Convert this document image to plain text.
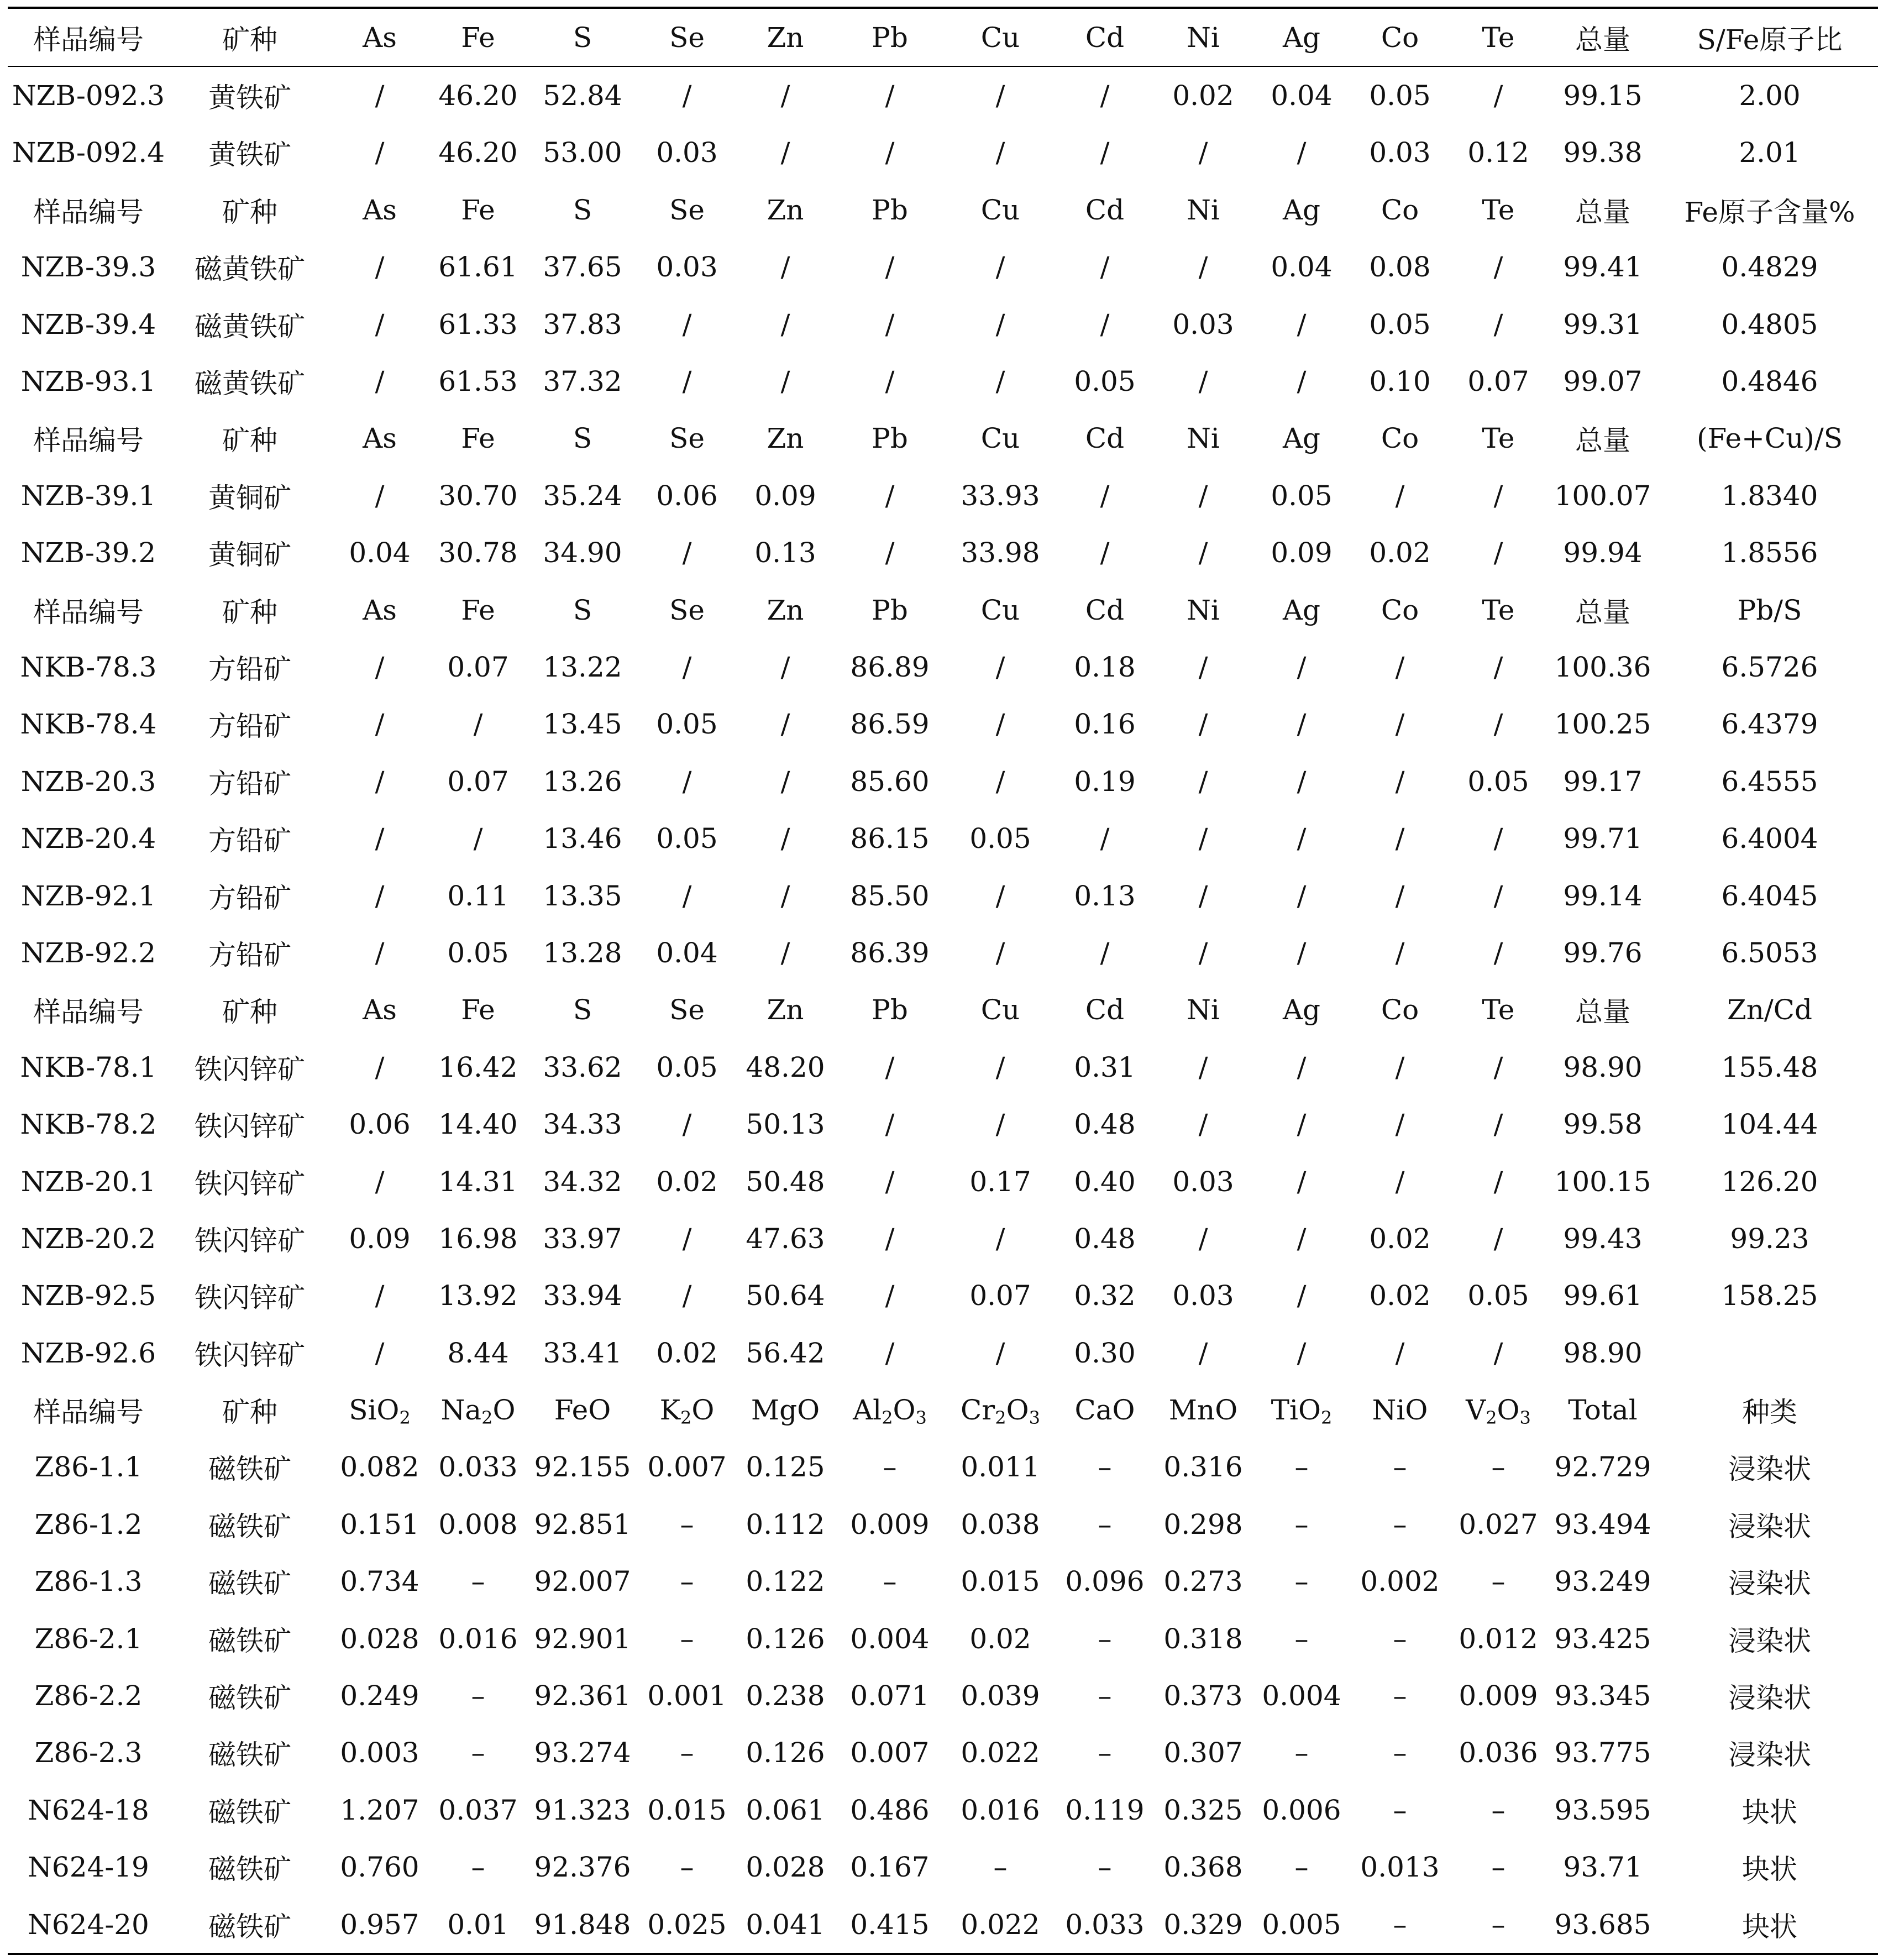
样品编号	矿种	As	Fe	S	Se	Zn	Pb	Cu	Cd	Ni	Ag	Co	Te	总量	S/Fe原子比
NZB-092.3	黄铁矿	/	46.20	52.84	/	/	/	/	/	0.02	0.04	0.05	/	99.15	2.00
NZB-092.4	黄铁矿	/	46.20	53.00	0.03	/	/	/	/	/	/	0.03	0.12	99.38	2.01
样品编号	矿种	As	Fe	S	Se	Zn	Pb	Cu	Cd	Ni	Ag	Co	Te	总量	Fe原子含量%
NZB-39.3	磁黄铁矿	/	61.61	37.65	0.03	/	/	/	/	/	0.04	0.08	/	99.41	0.4829
NZB-39.4	磁黄铁矿	/	61.33	37.83	/	/	/	/	/	0.03	/	0.05	/	99.31	0.4805
NZB-93.1	磁黄铁矿	/	61.53	37.32	/	/	/	/	0.05	/	/	0.10	0.07	99.07	0.4846
样品编号	矿种	As	Fe	S	Se	Zn	Pb	Cu	Cd	Ni	Ag	Co	Te	总量	(Fe+Cu)/S
NZB-39.1	黄铜矿	/	30.70	35.24	0.06	0.09	/	33.93	/	/	0.05	/	/	100.07	1.8340
NZB-39.2	黄铜矿	0.04	30.78	34.90	/	0.13	/	33.98	/	/	0.09	0.02	/	99.94	1.8556
样品编号	矿种	As	Fe	S	Se	Zn	Pb	Cu	Cd	Ni	Ag	Co	Te	总量	Pb/S
NKB-78.3	方铅矿	/	0.07	13.22	/	/	86.89	/	0.18	/	/	/	/	100.36	6.5726
NKB-78.4	方铅矿	/	/	13.45	0.05	/	86.59	/	0.16	/	/	/	/	100.25	6.4379
NZB-20.3	方铅矿	/	0.07	13.26	/	/	85.60	/	0.19	/	/	/	0.05	99.17	6.4555
NZB-20.4	方铅矿	/	/	13.46	0.05	/	86.15	0.05	/	/	/	/	/	99.71	6.4004
NZB-92.1	方铅矿	/	0.11	13.35	/	/	85.50	/	0.13	/	/	/	/	99.14	6.4045
NZB-92.2	方铅矿	/	0.05	13.28	0.04	/	86.39	/	/	/	/	/	/	99.76	6.5053
样品编号	矿种	As	Fe	S	Se	Zn	Pb	Cu	Cd	Ni	Ag	Co	Te	总量	Zn/Cd
NKB-78.1	铁闪锌矿	/	16.42	33.62	0.05	48.20	/	/	0.31	/	/	/	/	98.90	155.48
NKB-78.2	铁闪锌矿	0.06	14.40	34.33	/	50.13	/	/	0.48	/	/	/	/	99.58	104.44
NZB-20.1	铁闪锌矿	/	14.31	34.32	0.02	50.48	/	0.17	0.40	0.03	/	/	/	100.15	126.20
NZB-20.2	铁闪锌矿	0.09	16.98	33.97	/	47.63	/	/	0.48	/	/	0.02	/	99.43	99.23
NZB-92.5	铁闪锌矿	/	13.92	33.94	/	50.64	/	0.07	0.32	0.03	/	0.02	0.05	99.61	158.25
NZB-92.6	铁闪锌矿	/	8.44	33.41	0.02	56.42	/	/	0.30	/	/	/	/	98.90	
样品编号	矿种	SiO$_2$	$Na_2O$	FeO	$K_2O$	MgO	$Al_2O_3$	$Cr_2O_3$	CaO	MnO	TiO$_2$	NiO	$V_2O_3$	Total	种类
Z86-1.1	磁铁矿	0.082	0.033	92.155	0.007	0.125	–	0.011	–	0.316	–	–	–	92.729	浸染状
Z86-1.2	磁铁矿	0.151	0.008	92.851	–	0.112	0.009	0.038	–	0.298	–	–	0.027	93.494	浸染状
Z86-1.3	磁铁矿	0.734	–	92.007	–	0.122	–	0.015	0.096	0.273	–	0.002	–	93.249	浸染状
Z86-2.1	磁铁矿	0.028	0.016	92.901	–	0.126	0.004	0.02	–	0.318	–	–	0.012	93.425	浸染状
Z86-2.2	磁铁矿	0.249	–	92.361	0.001	0.238	0.071	0.039	–	0.373	0.004	–	0.009	93.345	浸染状
Z86-2.3	磁铁矿	0.003	–	93.274	–	0.126	0.007	0.022	–	0.307	–	–	0.036	93.775	浸染状
N624-18	磁铁矿	1.207	0.037	91.323	0.015	0.061	0.486	0.016	0.119	0.325	0.006	–	–	93.595	块状
N624-19	磁铁矿	0.760	–	92.376	–	0.028	0.167	–	–	0.368	–	0.013	–	93.71	块状
N624-20	磁铁矿	0.957	0.01	91.848	0.025	0.041	0.415	0.022	0.033	0.329	0.005	–	–	93.685	块状
